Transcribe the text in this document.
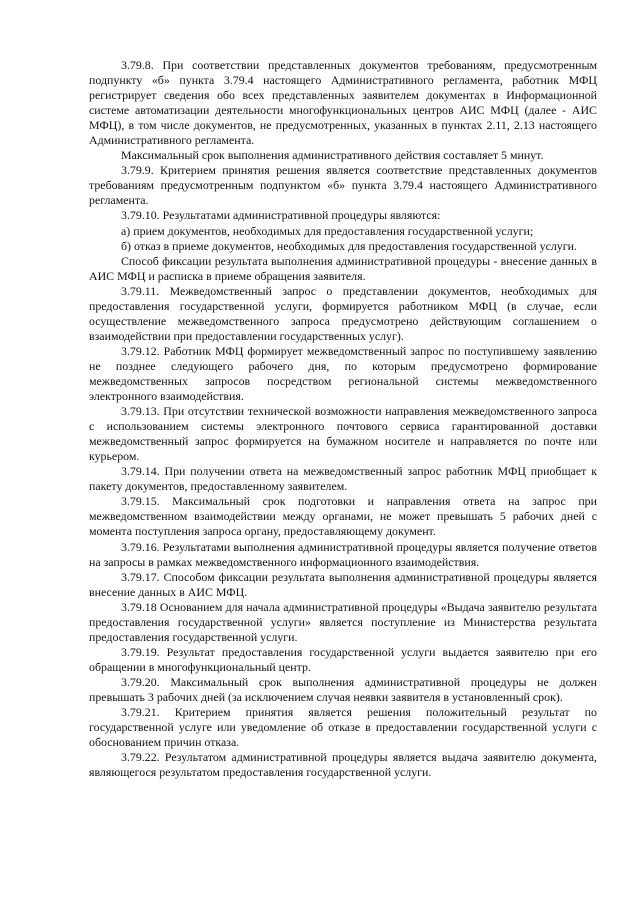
3.79.8. При соответствии представленных документов требованиям, предусмотренным подпункту «б» пункта 3.79.4 настоящего Административного регламента, работник МФЦ регистрирует сведения обо всех представленных заявителем документах в Информационной системе автоматизации деятельности многофункциональных центров АИС МФЦ (далее - АИС МФЦ), в том числе документов, не предусмотренных, указанных в пунктах 2.11, 2.13 настоящего Административного регламента.

Максимальный срок выполнения административного действия составляет 5 минут.

3.79.9. Критерием принятия решения является соответствие представленных документов требованиям предусмотренным подпунктом «б» пункта 3.79.4 настоящего Административного регламента.

3.79.10. Результатами административной процедуры являются:

а) прием документов, необходимых для предоставления государственной услуги;

б) отказ в приеме документов, необходимых для предоставления государственной услуги.

Способ фиксации результата выполнения административной процедуры - внесение данных в АИС МФЦ и расписка в приеме обращения заявителя.

3.79.11. Межведомственный запрос о представлении документов, необходимых для предоставления государственной услуги, формируется работником МФЦ (в случае, если осуществление межведомственного запроса предусмотрено действующим соглашением о взаимодействии при предоставлении государственных услуг).

3.79.12. Работник МФЦ формирует межведомственный запрос по поступившему заявлению не позднее следующего рабочего дня, по которым предусмотрено формирование межведомственных запросов посредством региональной системы межведомственного электронного взаимодействия.

3.79.13. При отсутствии технической возможности направления межведомственного запроса с использованием системы электронного почтового сервиса гарантированной доставки межведомственный запрос формируется на бумажном носителе и направляется по почте или курьером.

3.79.14. При получении ответа на межведомственный запрос работник МФЦ приобщает к пакету документов, предоставленному заявителем.

3.79.15. Максимальный срок подготовки и направления ответа на запрос при межведомственном взаимодействии между органами, не может превышать 5 рабочих дней с момента поступления запроса органу, предоставляющему документ.

3.79.16. Результатами выполнения административной процедуры является получение ответов на запросы в рамках межведомственного информационного взаимодействия.

3.79.17. Способом фиксации результата выполнения административной процедуры является внесение данных в АИС МФЦ.

3.79.18 Основанием для начала административной процедуры «Выдача заявителю результата предоставления государственной услуги» является поступление из Министерства результата предоставления государственной услуги.

3.79.19. Результат предоставления государственной услуги выдается заявителю при его обращении в многофункциональный центр.

3.79.20. Максимальный срок выполнения административной процедуры не должен превышать 3 рабочих дней (за исключением случая неявки заявителя в установленный срок).

3.79.21. Критерием принятия является решения положительный результат по государственной услуге или уведомление об отказе в предоставлении государственной услуги с обоснованием причин отказа.

3.79.22. Результатом административной процедуры является выдача заявителю документа, являющегося результатом предоставления государственной услуги.
